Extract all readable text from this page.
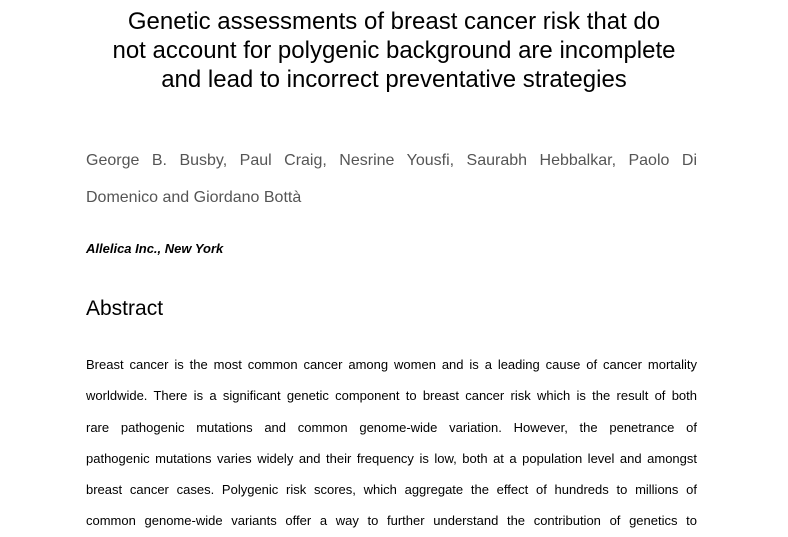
Genetic assessments of breast cancer risk that do
not account for polygenic background are incomplete
and lead to incorrect preventative strategies

George B. Busby, Paul Craig, Nesrine Yousfi, Saurabh Hebbalkar, Paolo Di
Domenico and Giordano Bottà

Allelica Inc., New York

Abstract

Breast cancer is the most common cancer among women and is a leading cause of cancer mortality
worldwide. There is a significant genetic component to breast cancer risk which is the result of both
rare pathogenic mutations and common genome-wide variation. However, the penetrance of
pathogenic mutations varies widely and their frequency is low, both at a population level and amongst
breast cancer cases. Polygenic risk scores, which aggregate the effect of hundreds to millions of
common genome-wide variants offer a way to further understand the contribution of genetics to
